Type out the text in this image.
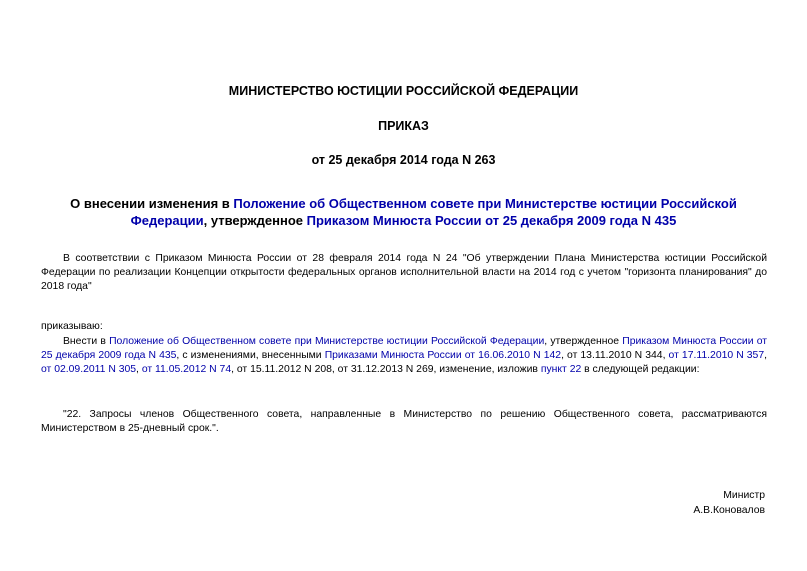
МИНИСТЕРСТВО ЮСТИЦИИ РОССИЙСКОЙ ФЕДЕРАЦИИ
ПРИКАЗ
от 25 декабря 2014 года N 263
О внесении изменения в Положение об Общественном совете при Министерстве юстиции Российской Федерации, утвержденное Приказом Минюста России от 25 декабря 2009 года N 435
В соответствии с Приказом Минюста России от 28 февраля 2014 года N 24 "Об утверждении Плана Министерства юстиции Российской Федерации по реализации Концепции открытости федеральных органов исполнительной власти на 2014 год с учетом "горизонта планирования" до 2018 года"
приказываю:
Внести в Положение об Общественном совете при Министерстве юстиции Российской Федерации, утвержденное Приказом Минюста России от 25 декабря 2009 года N 435, с изменениями, внесенными Приказами Минюста России от 16.06.2010 N 142, от 13.11.2010 N 344, от 17.11.2010 N 357, от 02.09.2011 N 305, от 11.05.2012 N 74, от 15.11.2012 N 208, от 31.12.2013 N 269, изменение, изложив пункт 22 в следующей редакции:
"22. Запросы членов Общественного совета, направленные в Министерство по решению Общественного совета, рассматриваются Министерством в 25-дневный срок.".
Министр
А.В.Коновалов
